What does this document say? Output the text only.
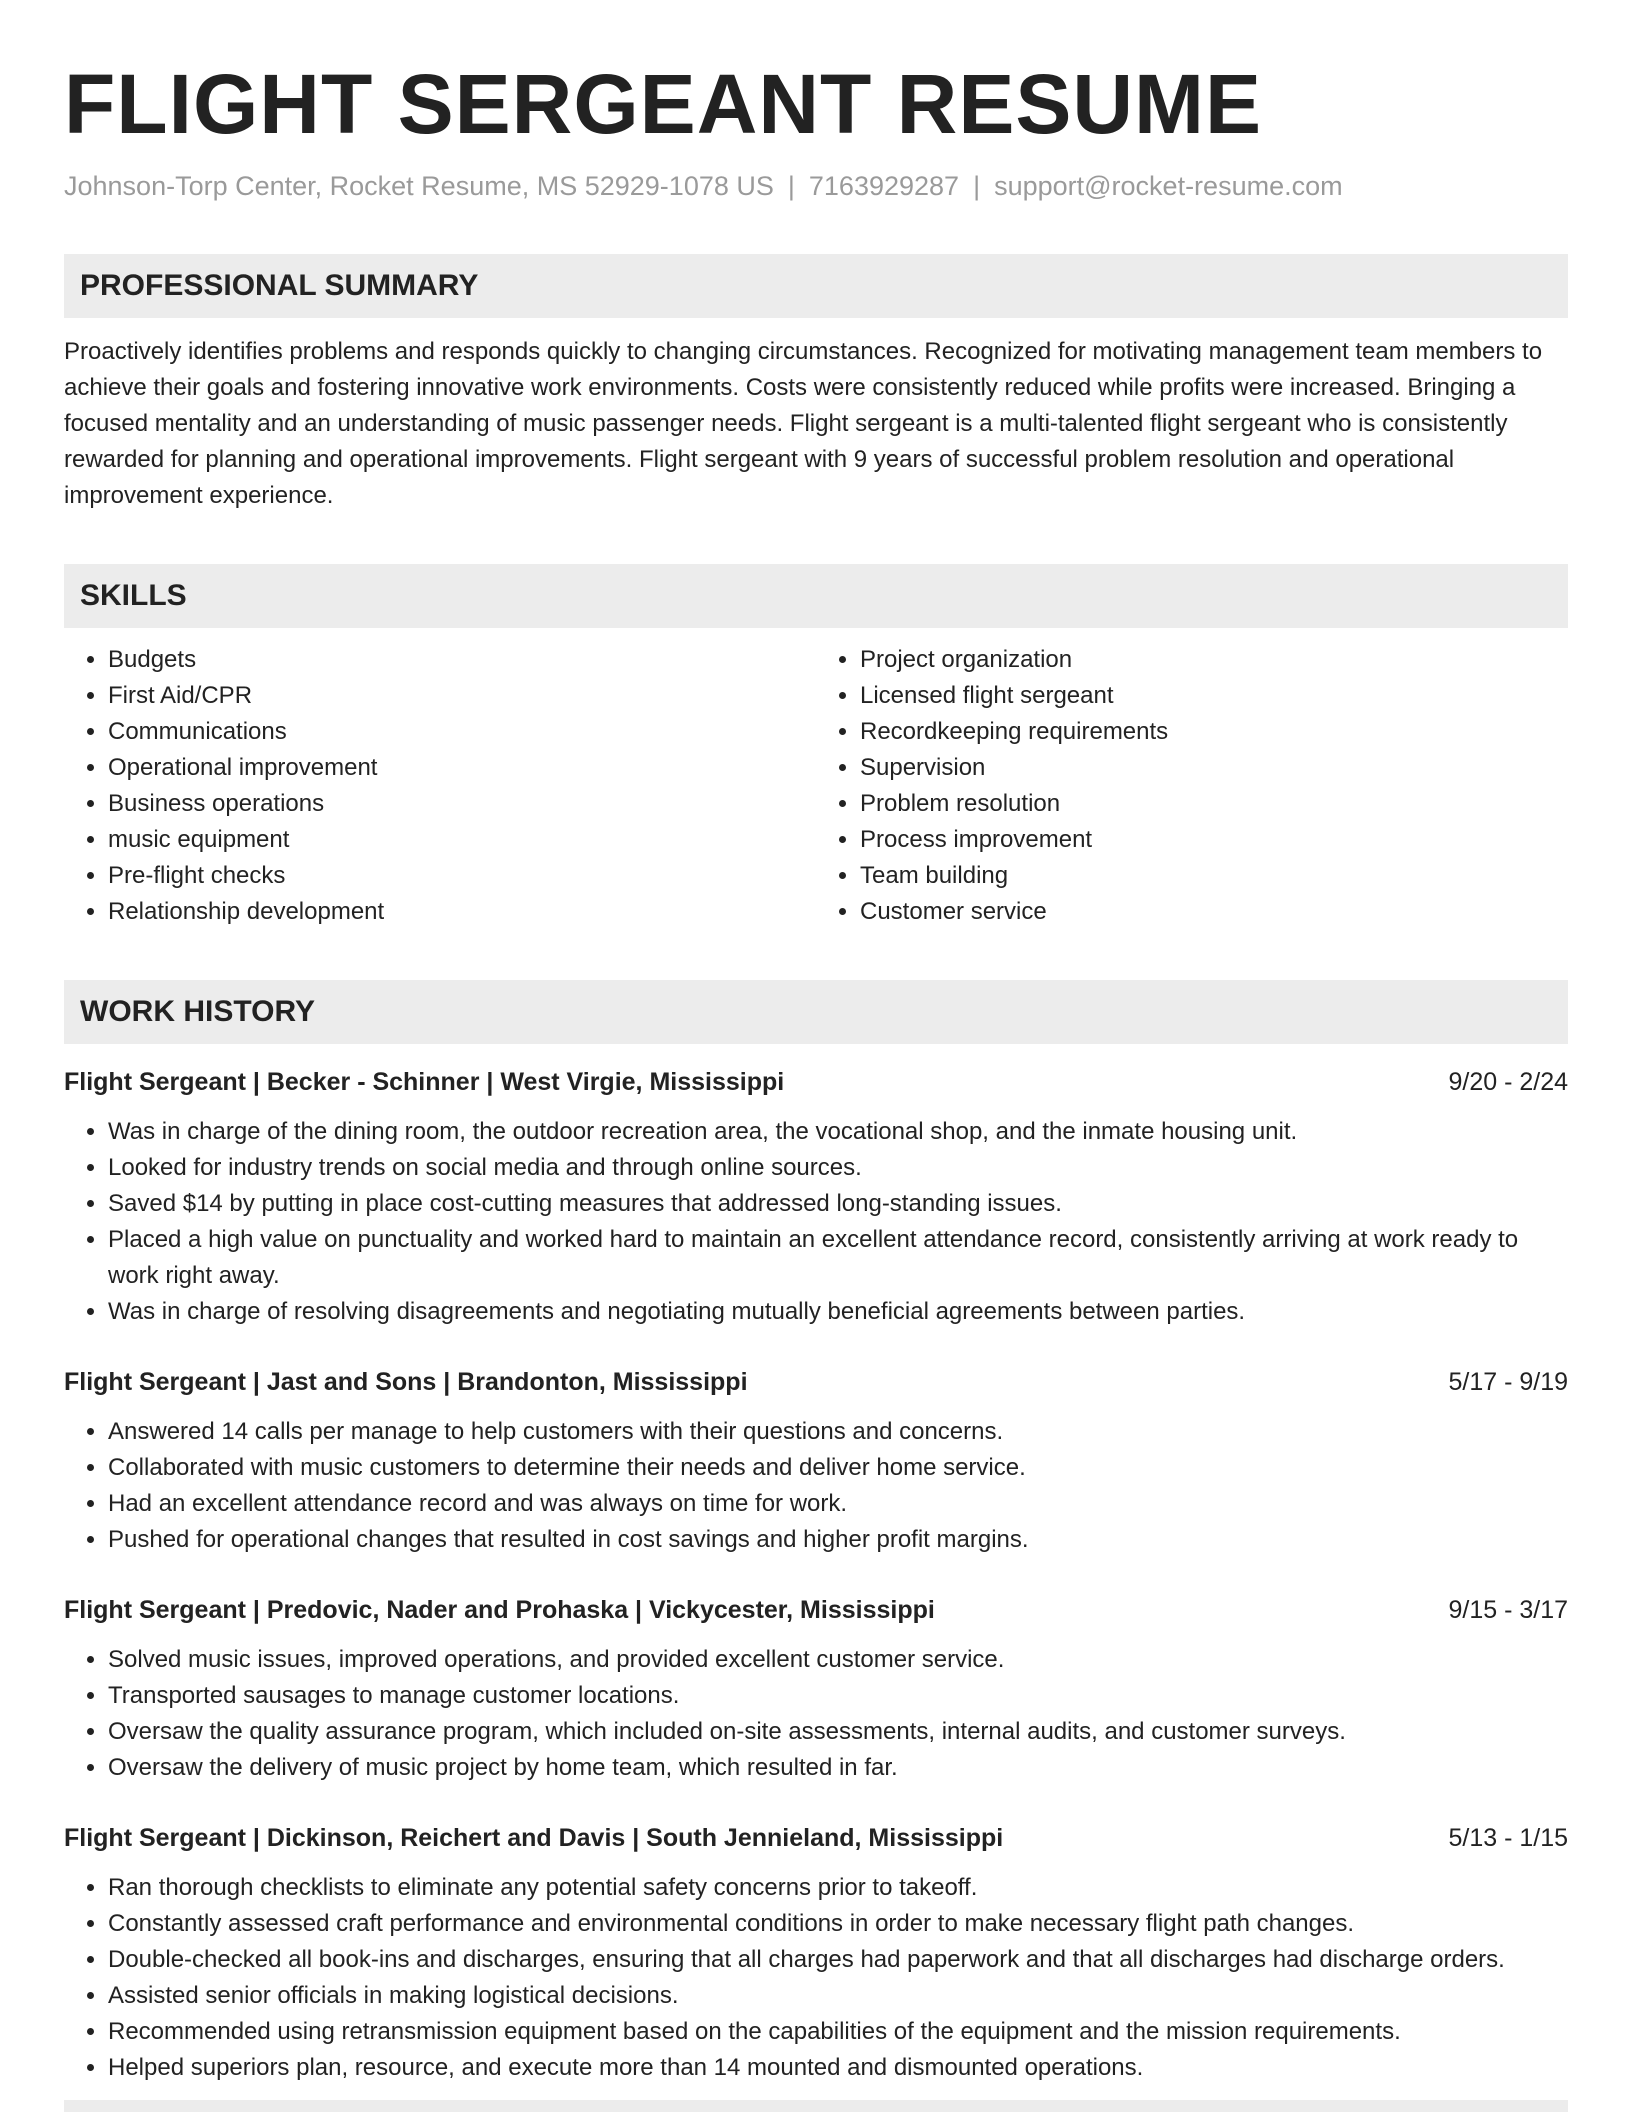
FLIGHT SERGEANT RESUME
Johnson-Torp Center, Rocket Resume, MS 52929-1078 US | 7163929287 | support@rocket-resume.com
PROFESSIONAL SUMMARY
Proactively identifies problems and responds quickly to changing circumstances. Recognized for motivating management team members to achieve their goals and fostering innovative work environments. Costs were consistently reduced while profits were increased. Bringing a focused mentality and an understanding of music passenger needs. Flight sergeant is a multi-talented flight sergeant who is consistently rewarded for planning and operational improvements. Flight sergeant with 9 years of successful problem resolution and operational improvement experience.
SKILLS
• Budgets
• First Aid/CPR
• Communications
• Operational improvement
• Business operations
• music equipment
• Pre-flight checks
• Relationship development
• Project organization
• Licensed flight sergeant
• Recordkeeping requirements
• Supervision
• Problem resolution
• Process improvement
• Team building
• Customer service
WORK HISTORY
Flight Sergeant | Becker - Schinner | West Virgie, Mississippi	9/20 - 2/24
• Was in charge of the dining room, the outdoor recreation area, the vocational shop, and the inmate housing unit.
• Looked for industry trends on social media and through online sources.
• Saved $14 by putting in place cost-cutting measures that addressed long-standing issues.
• Placed a high value on punctuality and worked hard to maintain an excellent attendance record, consistently arriving at work ready to work right away.
• Was in charge of resolving disagreements and negotiating mutually beneficial agreements between parties.
Flight Sergeant | Jast and Sons | Brandonton, Mississippi	5/17 - 9/19
• Answered 14 calls per manage to help customers with their questions and concerns.
• Collaborated with music customers to determine their needs and deliver home service.
• Had an excellent attendance record and was always on time for work.
• Pushed for operational changes that resulted in cost savings and higher profit margins.
Flight Sergeant | Predovic, Nader and Prohaska | Vickycester, Mississippi	9/15 - 3/17
• Solved music issues, improved operations, and provided excellent customer service.
• Transported sausages to manage customer locations.
• Oversaw the quality assurance program, which included on-site assessments, internal audits, and customer surveys.
• Oversaw the delivery of music project by home team, which resulted in far.
Flight Sergeant | Dickinson, Reichert and Davis | South Jennieland, Mississippi	5/13 - 1/15
• Ran thorough checklists to eliminate any potential safety concerns prior to takeoff.
• Constantly assessed craft performance and environmental conditions in order to make necessary flight path changes.
• Double-checked all book-ins and discharges, ensuring that all charges had paperwork and that all discharges had discharge orders.
• Assisted senior officials in making logistical decisions.
• Recommended using retransmission equipment based on the capabilities of the equipment and the mission requirements.
• Helped superiors plan, resource, and execute more than 14 mounted and dismounted operations.
